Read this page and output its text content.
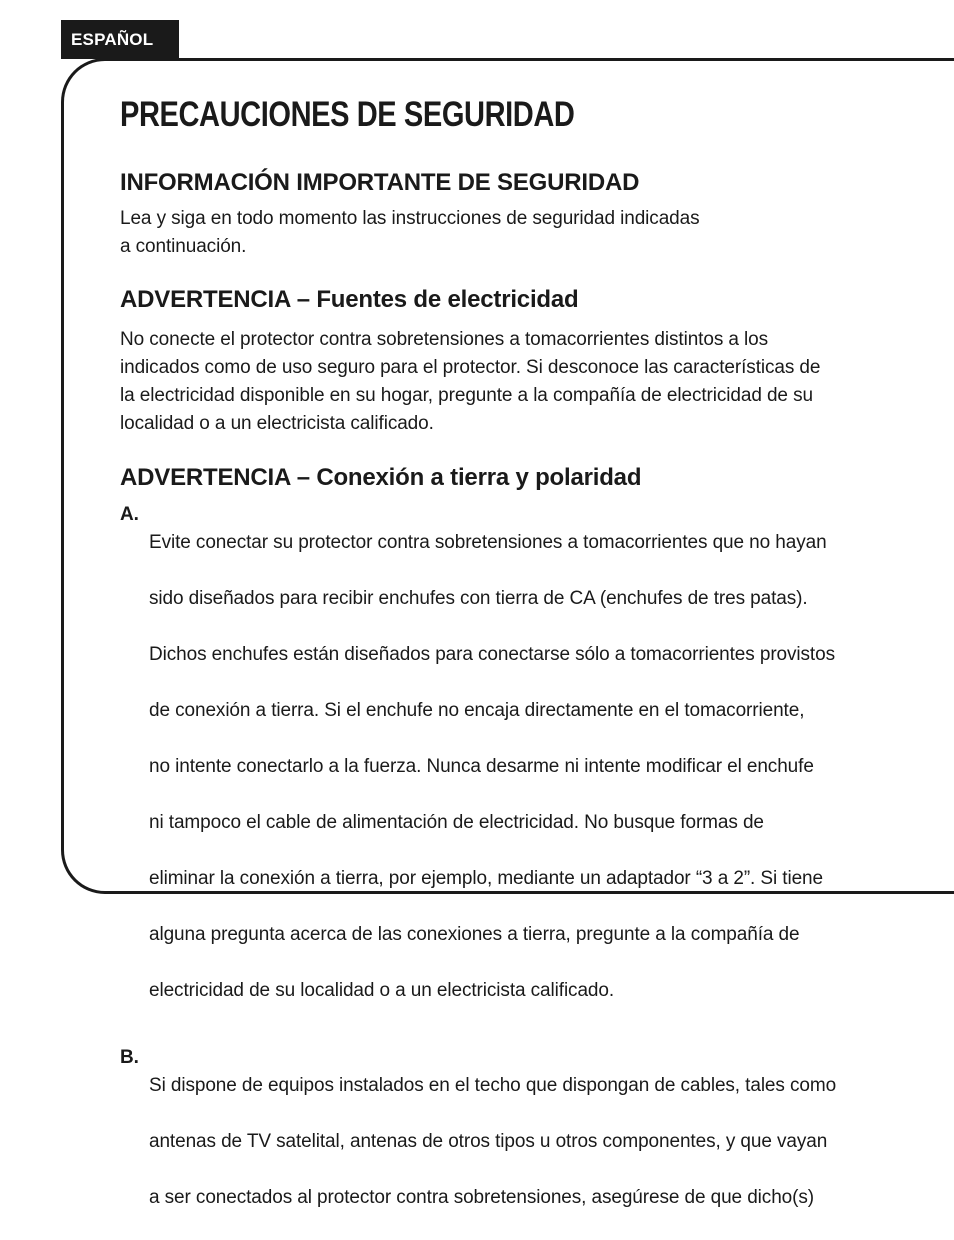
ESPAÑOL
PRECAUCIONES DE SEGURIDAD
INFORMACIÓN IMPORTANTE DE SEGURIDAD

Lea y siga en todo momento las instrucciones de seguridad indicadas
a continuación.

ADVERTENCIA – Fuentes de electricidad

No conecte el protector contra sobretensiones a tomacorrientes distintos a los
indicados como de uso seguro para el protector. Si desconoce las características de
la electricidad disponible en su hogar, pregunte a la compañía de electricidad de su
localidad o a un electricista calificado.

ADVERTENCIA – Conexión a tierra y polaridad
A.

Evite conectar su protector contra sobretensiones a tomacorrientes que no hayan

sido diseñados para recibir enchufes con tierra de CA (enchufes de tres patas).

Dichos enchufes están diseñados para conectarse sólo a tomacorrientes provistos

de conexión a tierra. Si el enchufe no encaja directamente en el tomacorriente,

no intente conectarlo a la fuerza. Nunca desarme ni intente modificar el enchufe

ni tampoco el cable de alimentación de electricidad. No busque formas de

eliminar la conexión a tierra, por ejemplo, mediante un adaptador “3 a 2”. Si tiene

alguna pregunta acerca de las conexiones a tierra, pregunte a la compañía de

electricidad de su localidad o a un electricista calificado.

B.

Si dispone de equipos instalados en el techo que dispongan de cables, tales como

antenas de TV satelital, antenas de otros tipos u otros componentes, y que vayan

a ser conectados al protector contra sobretensiones, asegúrese de que dicho(s)
